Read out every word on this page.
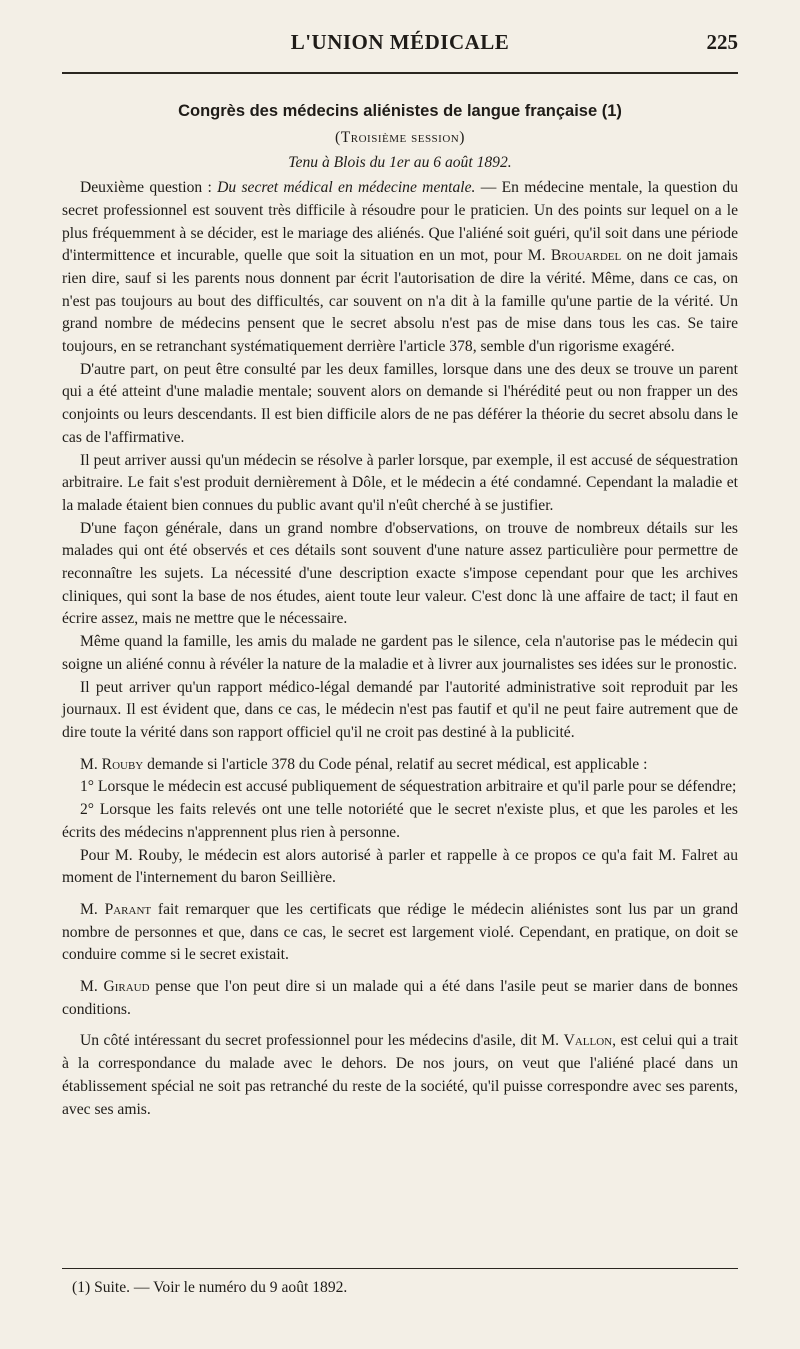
L'UNION MÉDICALE	225
Congrès des médecins aliénistes de langue française (1)
(Troisième session)
Tenu à Blois du 1er au 6 août 1892.

Deuxième question : Du secret médical en médecine mentale. — En médecine mentale, la question du secret professionnel est souvent très difficile à résoudre pour le praticien. Un des points sur lequel on a le plus fréquemment à se décider, est le mariage des aliénés. Que l'aliéné soit guéri, qu'il soit dans une période d'intermittence et incurable, quelle que soit la situation en un mot, pour M. Brouardel on ne doit jamais rien dire, sauf si les parents nous donnent par écrit l'autorisation de dire la vérité. Même, dans ce cas, on n'est pas toujours au bout des difficultés, car souvent on n'a dit à la famille qu'une partie de la vérité. Un grand nombre de médecins pensent que le secret absolu n'est pas de mise dans tous les cas. Se taire toujours, en se retranchant systématiquement derrière l'article 378, semble d'un rigorisme exagéré.

D'autre part, on peut être consulté par les deux familles, lorsque dans une des deux se trouve un parent qui a été atteint d'une maladie mentale; souvent alors on demande si l'hérédité peut ou non frapper un des conjoints ou leurs descendants. Il est bien difficile alors de ne pas déférer la théorie du secret absolu dans le cas de l'affirmative.

Il peut arriver aussi qu'un médecin se résolve à parler lorsque, par exemple, il est accusé de séquestration arbitraire. Le fait s'est produit dernièrement à Dôle, et le médecin a été condamné. Cependant la maladie et la malade étaient bien connues du public avant qu'il n'eût cherché à se justifier.

D'une façon générale, dans un grand nombre d'observations, on trouve de nombreux détails sur les malades qui ont été observés et ces détails sont souvent d'une nature assez particulière pour permettre de reconnaître les sujets. La nécessité d'une description exacte s'impose cependant pour que les archives cliniques, qui sont la base de nos études, aient toute leur valeur. C'est donc là une affaire de tact; il faut en écrire assez, mais ne mettre que le nécessaire.

Même quand la famille, les amis du malade ne gardent pas le silence, cela n'autorise pas le médecin qui soigne un aliéné connu à révéler la nature de la maladie et à livrer aux journalistes ses idées sur le pronostic.

Il peut arriver qu'un rapport médico-légal demandé par l'autorité administrative soit reproduit par les journaux. Il est évident que, dans ce cas, le médecin n'est pas fautif et qu'il ne peut faire autrement que de dire toute la vérité dans son rapport officiel qu'il ne croit pas destiné à la publicité.

M. Rouby demande si l'article 378 du Code pénal, relatif au secret médical, est applicable :

1° Lorsque le médecin est accusé publiquement de séquestration arbitraire et qu'il parle pour se défendre;

2° Lorsque les faits relevés ont une telle notoriété que le secret n'existe plus, et que les paroles et les écrits des médecins n'apprennent plus rien à personne.

Pour M. Rouby, le médecin est alors autorisé à parler et rappelle à ce propos ce qu'a fait M. Falret au moment de l'internement du baron Seillière.

M. Parant fait remarquer que les certificats que rédige le médecin aliénistes sont lus par un grand nombre de personnes et que, dans ce cas, le secret est largement violé. Cependant, en pratique, on doit se conduire comme si le secret existait.

M. Giraud pense que l'on peut dire si un malade qui a été dans l'asile peut se marier dans de bonnes conditions.

Un côté intéressant du secret professionnel pour les médecins d'asile, dit M. Vallon, est celui qui a trait à la correspondance du malade avec le dehors. De nos jours, on veut que l'aliéné placé dans un établissement spécial ne soit pas retranché du reste de la société, qu'il puisse correspondre avec ses parents, avec ses amis.

(1) Suite. — Voir le numéro du 9 août 1892.
